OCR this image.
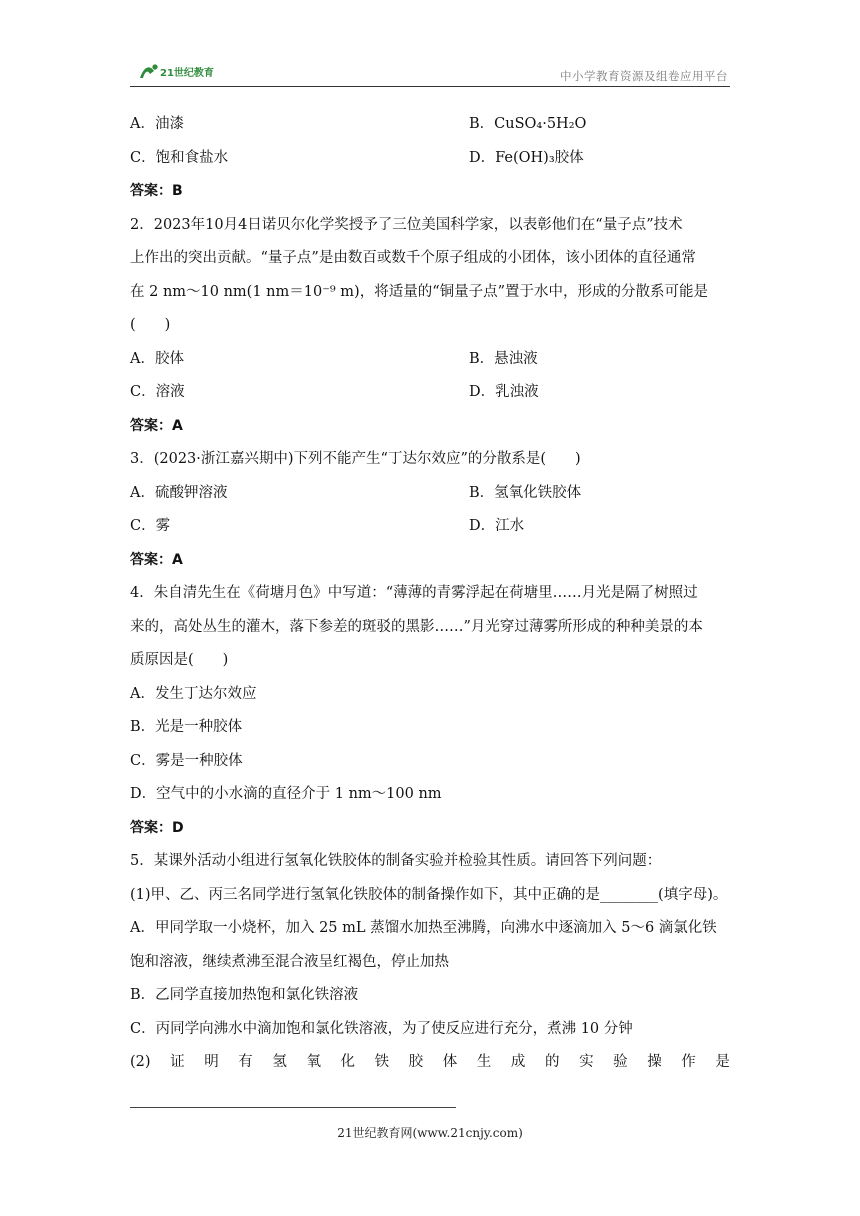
21世纪教育	中小学教育资源及组卷应用平台
A．油漆	B．CuSO₄·5H₂O
C．饱和食盐水	D．Fe(OH)₃胶体
答案：B
2．2023年10月4日诺贝尔化学奖授予了三位美国科学家，以表彰他们在“量子点”技术
上作出的突出贡献。“量子点”是由数百或数千个原子组成的小团体，该小团体的直径通常
在 2 nm～10 nm(1 nm＝10⁻⁹ m)，将适量的“铜量子点”置于水中，形成的分散系可能是
(　　)
A．胶体	B．悬浊液
C．溶液	D．乳浊液
答案：A
3．(2023·浙江嘉兴期中)下列不能产生“丁达尔效应”的分散系是(　　)
A．硫酸钾溶液	B．氢氧化铁胶体
C．雾	D．江水
答案：A
4．朱自清先生在《荷塘月色》中写道：“薄薄的青雾浮起在荷塘里……月光是隔了树照过
来的，高处丛生的灌木，落下参差的斑驳的黑影……”月光穿过薄雾所形成的种种美景的本
质原因是(　　)
A．发生丁达尔效应
B．光是一种胶体
C．雾是一种胶体
D．空气中的小水滴的直径介于 1 nm～100 nm
答案：D
5．某课外活动小组进行氢氧化铁胶体的制备实验并检验其性质。请回答下列问题：
(1)甲、乙、丙三名同学进行氢氧化铁胶体的制备操作如下，其中正确的是________(填字母)。
A．甲同学取一小烧杯，加入 25 mL 蒸馏水加热至沸腾，向沸水中逐滴加入 5～6 滴氯化铁
饱和溶液，继续煮沸至混合液呈红褐色，停止加热
B．乙同学直接加热饱和氯化铁溶液
C．丙同学向沸水中滴加饱和氯化铁溶液，为了使反应进行充分，煮沸 10 分钟
(2) 证 明 有 氢 氧 化 铁 胶 体 生 成 的 实 验 操 作 是
21世纪教育网(www.21cnjy.com)
